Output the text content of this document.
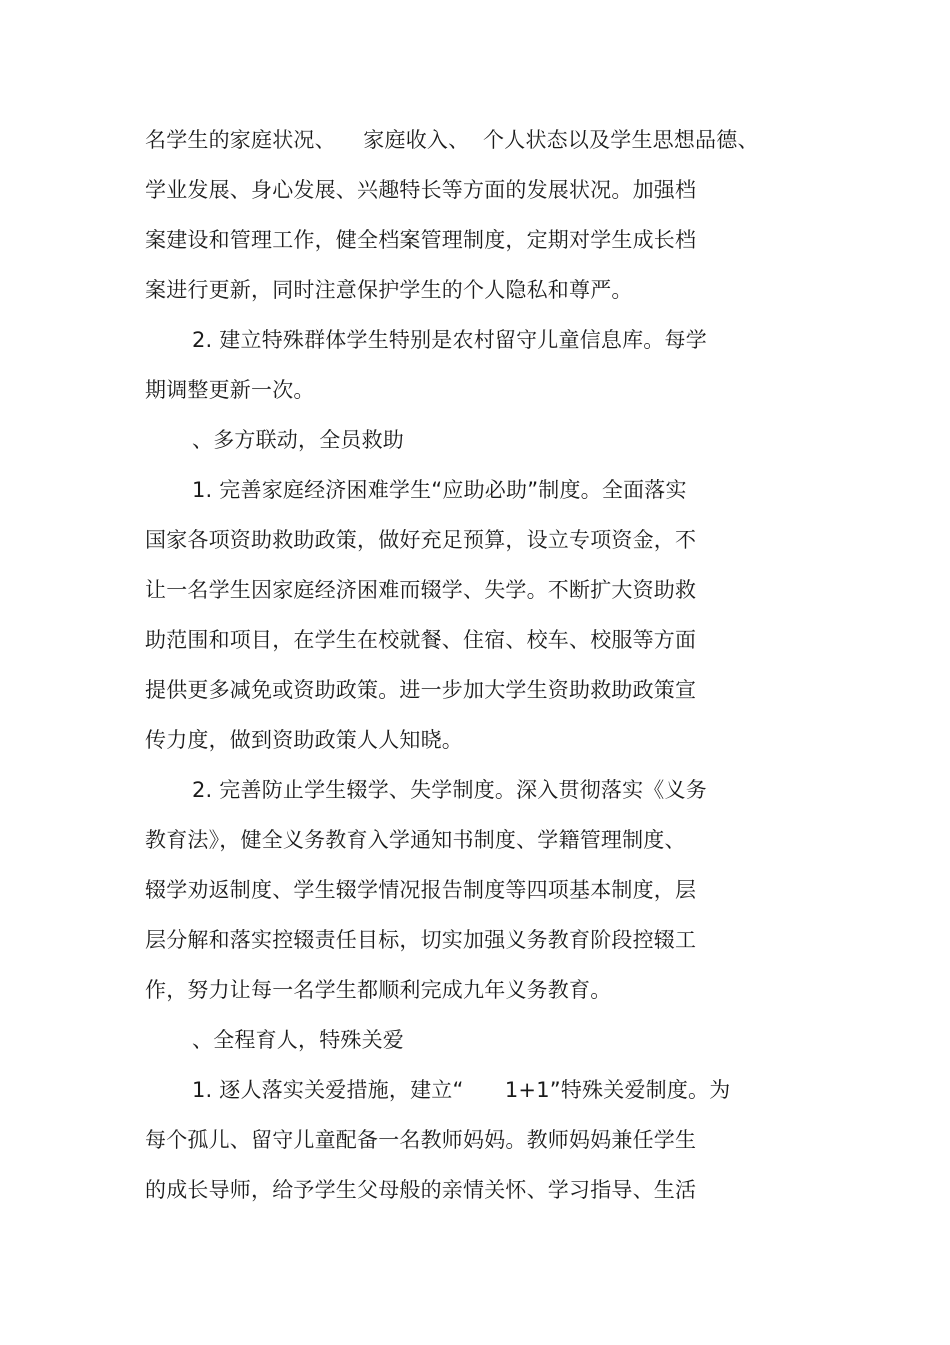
名学生的家庭状况、    家庭收入、  个人状态以及学生思想品德、
学业发展、身心发展、兴趣特长等方面的发展状况。加强档
案建设和管理工作，健全档案管理制度，定期对学生成长档
案进行更新，同时注意保护学生的个人隐私和尊严。
2. 建立特殊群体学生特别是农村留守儿童信息库。每学
期调整更新一次。
、多方联动，全员救助
1. 完善家庭经济困难学生“应助必助”制度。全面落实
国家各项资助救助政策，做好充足预算，设立专项资金，不
让一名学生因家庭经济困难而辍学、失学。不断扩大资助救
助范围和项目，在学生在校就餐、住宿、校车、校服等方面
提供更多减免或资助政策。进一步加大学生资助救助政策宣
传力度，做到资助政策人人知晓。
2. 完善防止学生辍学、失学制度。深入贯彻落实《义务
教育法》，健全义务教育入学通知书制度、学籍管理制度、
辍学劝返制度、学生辍学情况报告制度等四项基本制度，层
层分解和落实控辍责任目标，切实加强义务教育阶段控辍工
作，努力让每一名学生都顺利完成九年义务教育。
、全程育人，特殊关爱
1. 逐人落实关爱措施，建立“      1+1”特殊关爱制度。为
每个孤儿、留守儿童配备一名教师妈妈。教师妈妈兼任学生
的成长导师，给予学生父母般的亲情关怀、学习指导、生活
